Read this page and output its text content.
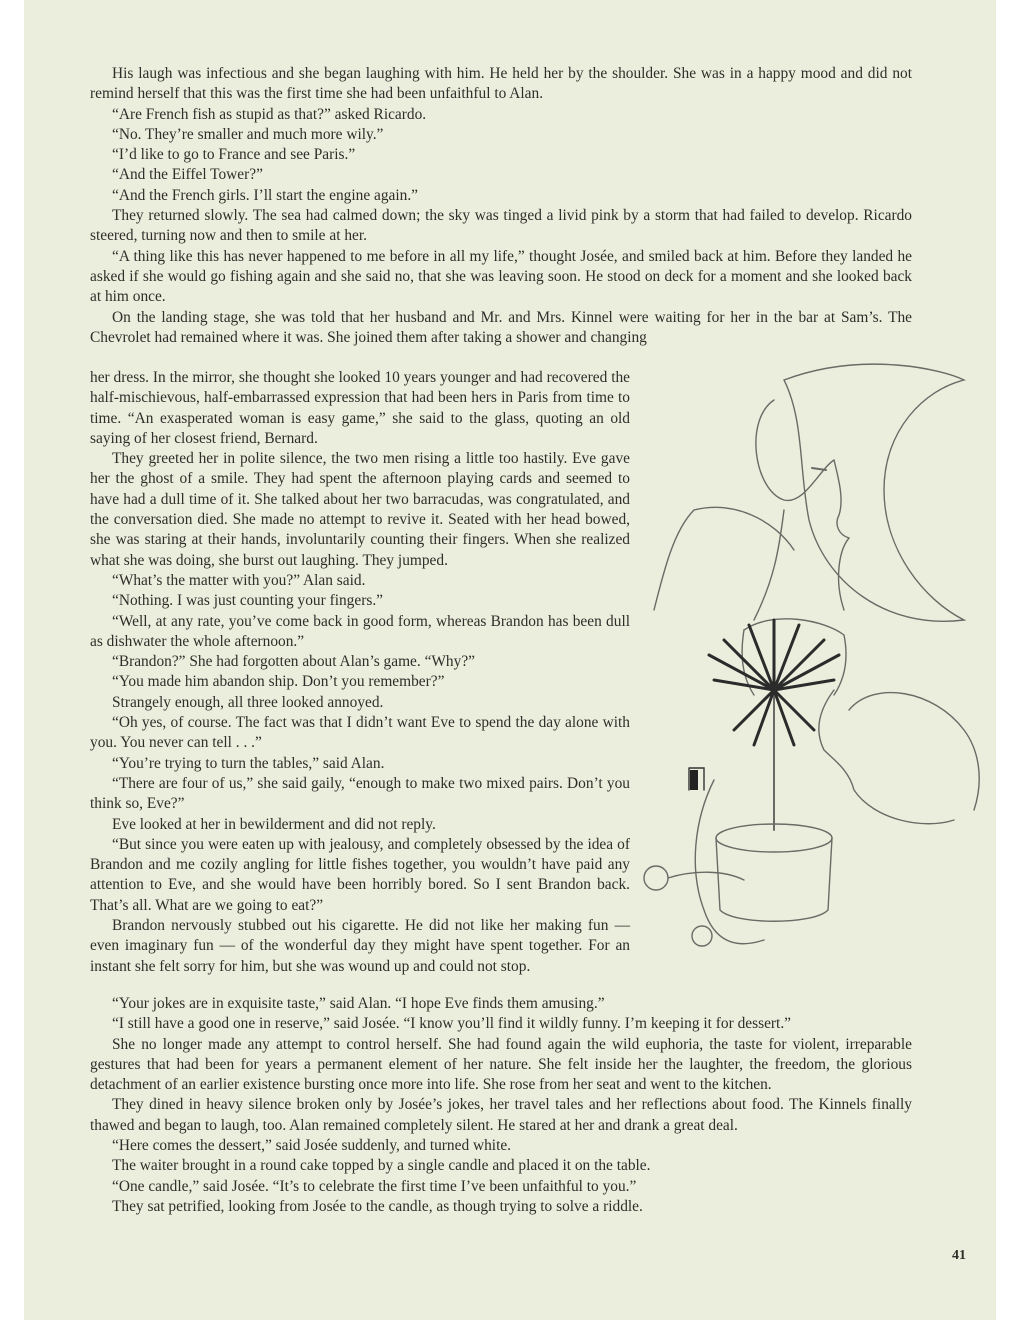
His laugh was infectious and she began laughing with him. He held her by the shoulder. She was in a happy mood and did not remind herself that this was the first time she had been unfaithful to Alan.

“Are French fish as stupid as that?” asked Ricardo.

“No. They’re smaller and much more wily.”

“I’d like to go to France and see Paris.”

“And the Eiffel Tower?”

“And the French girls. I’ll start the engine again.”

They returned slowly. The sea had calmed down; the sky was tinged a livid pink by a storm that had failed to develop. Ricardo steered, turning now and then to smile at her.

“A thing like this has never happened to me before in all my life,” thought Josée, and smiled back at him. Before they landed he asked if she would go fishing again and she said no, that she was leaving soon. He stood on deck for a moment and she looked back at him once.

On the landing stage, she was told that her husband and Mr. and Mrs. Kinnel were waiting for her in the bar at Sam’s. The Chevrolet had remained where it was. She joined them after taking a shower and changing

her dress. In the mirror, she thought she looked 10 years younger and had recovered the half-mischievous, half-embarrassed expression that had been hers in Paris from time to time. “An exasperated woman is easy game,” she said to the glass, quoting an old saying of her closest friend, Bernard.

They greeted her in polite silence, the two men rising a little too hastily. Eve gave her the ghost of a smile. They had spent the afternoon playing cards and seemed to have had a dull time of it. She talked about her two barracudas, was congratulated, and the conversation died. She made no attempt to revive it. Seated with her head bowed, she was staring at their hands, involuntarily counting their fingers. When she realized what she was doing, she burst out laughing. They jumped.

“What’s the matter with you?” Alan said.

“Nothing. I was just counting your fingers.”

“Well, at any rate, you’ve come back in good form, whereas Brandon has been dull as dishwater the whole afternoon.”

“Brandon?” She had forgotten about Alan’s game. “Why?”

“You made him abandon ship. Don’t you remember?”

Strangely enough, all three looked annoyed.

“Oh yes, of course. The fact was that I didn’t want Eve to spend the day alone with you. You never can tell . . .”

“You’re trying to turn the tables,” said Alan.

“There are four of us,” she said gaily, “enough to make two mixed pairs. Don’t you think so, Eve?”

Eve looked at her in bewilderment and did not reply.

“But since you were eaten up with jealousy, and completely obsessed by the idea of Brandon and me cozily angling for little fishes together, you wouldn’t have paid any attention to Eve, and she would have been horribly bored. So I sent Brandon back. That’s all. What are we going to eat?”

Brandon nervously stubbed out his cigarette. He did not like her making fun — even imaginary fun — of the wonderful day they might have spent together. For an instant she felt sorry for him, but she was wound up and could not stop.

“Your jokes are in exquisite taste,” said Alan. “I hope Eve finds them amusing.”

“I still have a good one in reserve,” said Josée. “I know you’ll find it wildly funny. I’m keeping it for dessert.”

She no longer made any attempt to control herself. She had found again the wild euphoria, the taste for violent, irreparable gestures that had been for years a permanent element of her nature. She felt inside her the laughter, the freedom, the glorious detachment of an earlier existence bursting once more into life. She rose from her seat and went to the kitchen.

They dined in heavy silence broken only by Josée’s jokes, her travel tales and her reflections about food. The Kinnels finally thawed and began to laugh, too. Alan remained completely silent. He stared at her and drank a great deal.

“Here comes the dessert,” said Josée suddenly, and turned white.

The waiter brought in a round cake topped by a single candle and placed it on the table.

“One candle,” said Josée. “It’s to celebrate the first time I’ve been unfaithful to you.”

They sat petrified, looking from Josée to the candle, as though trying to solve a riddle.

41
